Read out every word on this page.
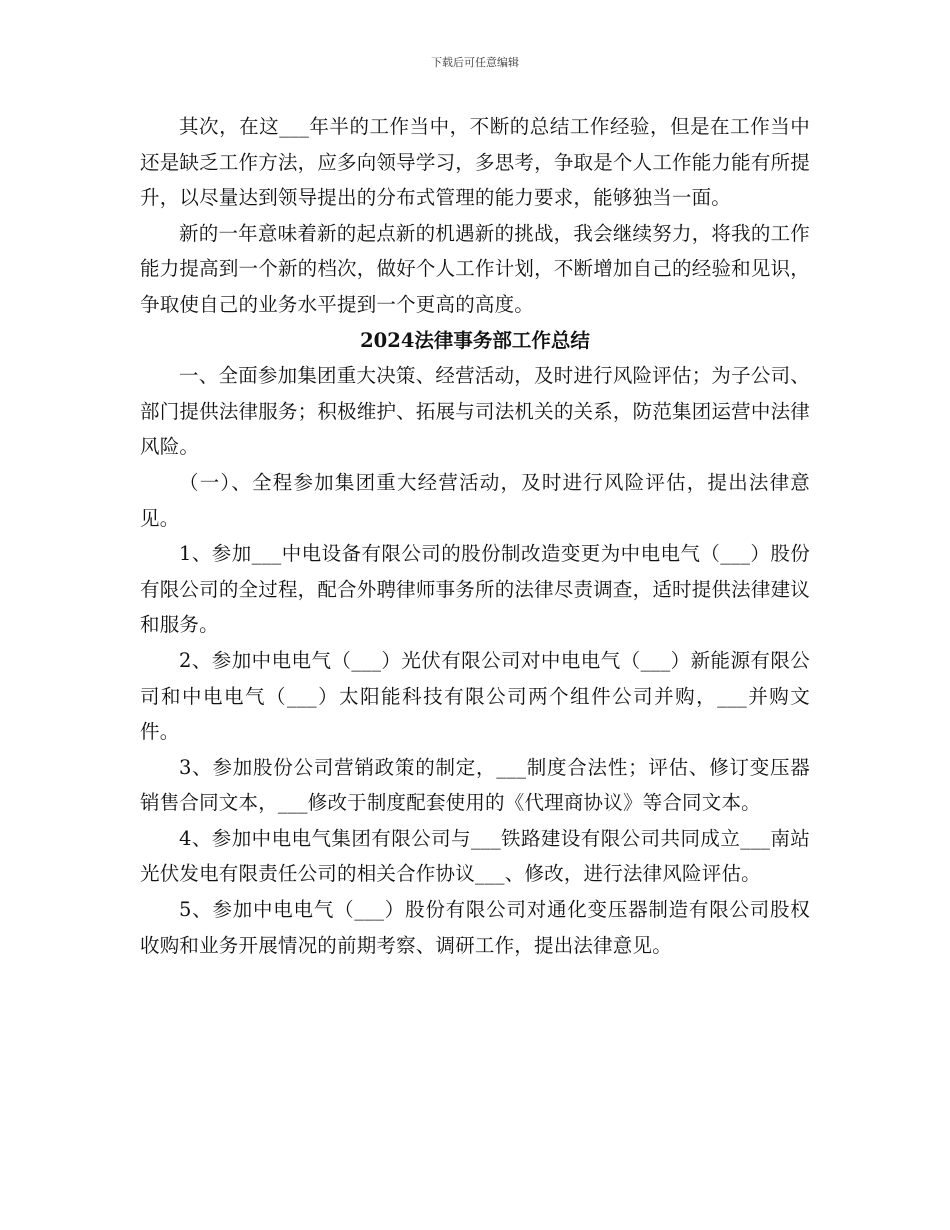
下载后可任意编辑

其次，在这___年半的工作当中，不断的总结工作经验，但是在工作当中还是缺乏工作方法，应多向领导学习，多思考，争取是个人工作能力能有所提升，以尽量达到领导提出的分布式管理的能力要求，能够独当一面。

新的一年意味着新的起点新的机遇新的挑战，我会继续努力，将我的工作能力提高到一个新的档次，做好个人工作计划，不断增加自己的经验和见识，争取使自己的业务水平提到一个更高的高度。

2024法律事务部工作总结

一、全面参加集团重大决策、经营活动，及时进行风险评估；为子公司、部门提供法律服务；积极维护、拓展与司法机关的关系，防范集团运营中法律风险。

（一）、全程参加集团重大经营活动，及时进行风险评估，提出法律意见。

1、参加___中电设备有限公司的股份制改造变更为中电电气（___）股份有限公司的全过程，配合外聘律师事务所的法律尽责调查，适时提供法律建议和服务。

2、参加中电电气（___）光伏有限公司对中电电气（___）新能源有限公司和中电电气（___）太阳能科技有限公司两个组件公司并购，___并购文件。

3、参加股份公司营销政策的制定，___制度合法性；评估、修订变压器销售合同文本，___修改于制度配套使用的《代理商协议》等合同文本。

4、参加中电电气集团有限公司与___铁路建设有限公司共同成立___南站光伏发电有限责任公司的相关合作协议___、修改，进行法律风险评估。

5、参加中电电气（___）股份有限公司对通化变压器制造有限公司股权收购和业务开展情况的前期考察、调研工作，提出法律意见。
